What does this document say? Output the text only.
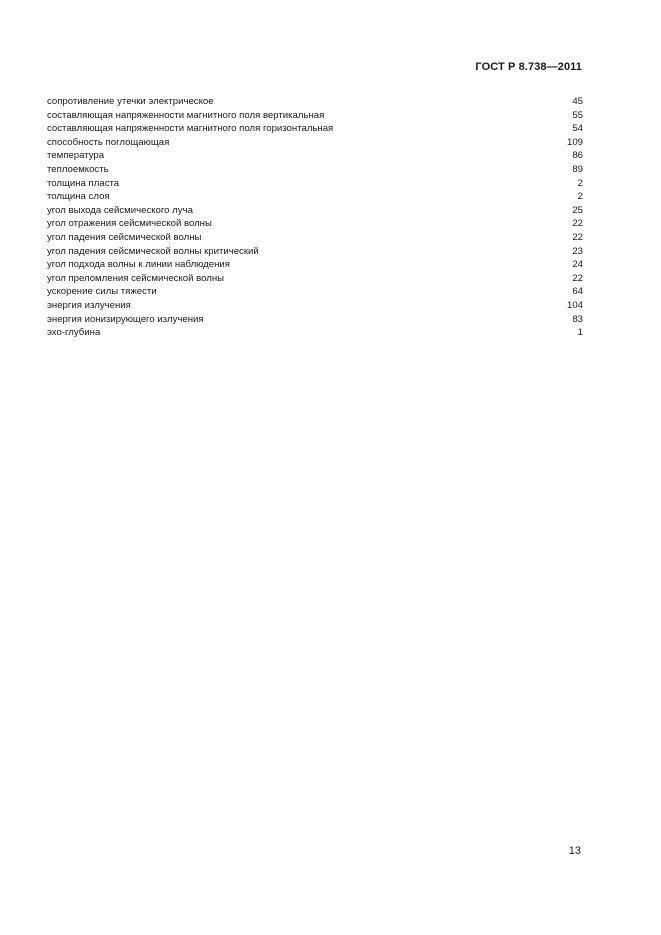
ГОСТ Р 8.738—2011
сопротивление утечки электрическое	45
составляющая напряженности магнитного поля вертикальная	55
составляющая напряженности магнитного поля горизонтальная	54
способность поглощающая	109
температура	86
теплоемкость	89
толщина пласта	2
толщина слоя	2
угол выхода сейсмического луча	25
угол отражения сейсмической волны	22
угол падения сейсмической волны	22
угол падения сейсмической волны критический	23
угол подхода волны к линии наблюдения	24
угол преломления сейсмической волны	22
ускорение силы тяжести	64
энергия излучения	104
энергия ионизирующего излучения	83
эхо-глубина	1
13
